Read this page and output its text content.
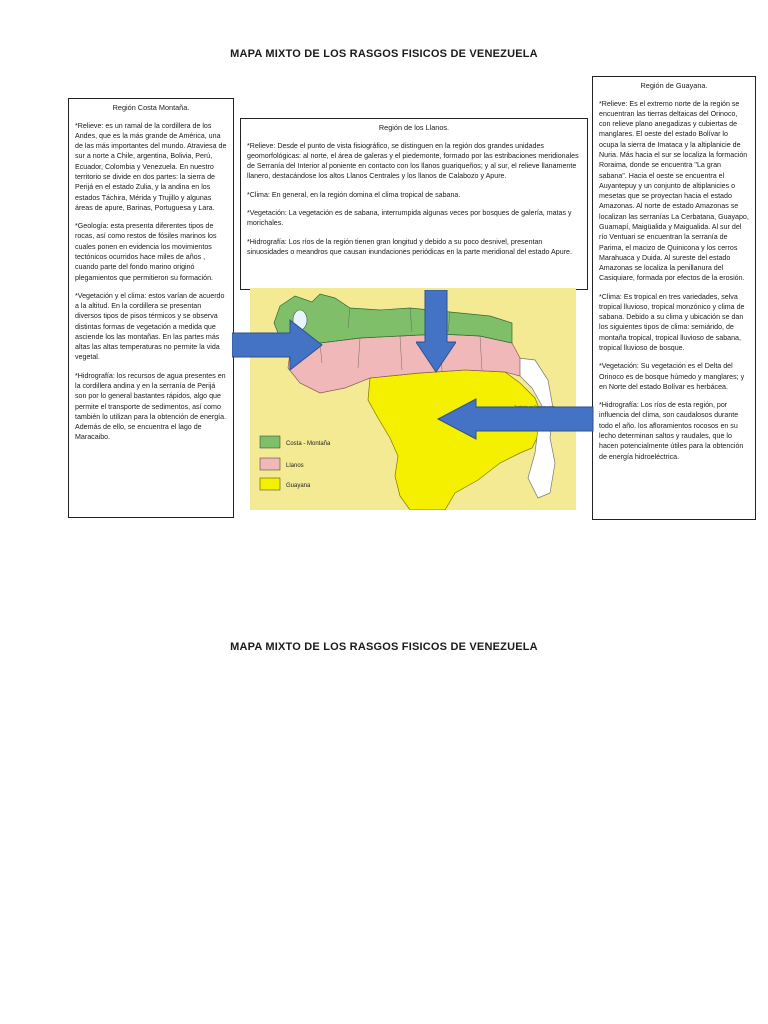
MAPA MIXTO DE LOS RASGOS FISICOS DE VENEZUELA
Región Costa Montaña.

*Relieve: es un ramal de la cordillera de los Andes, que es la más grande de América, una de las más importantes del mundo. Atraviesa de sur a norte a Chile, argentina, Bolivia, Perú, Ecuador, Colombia y Venezuela. En nuestro territorio se divide en dos partes: la sierra de Perijá en el estado Zulia, y la andina en los estados Táchira, Mérida y Trujillo y algunas áreas de apure, Barinas, Portuguesa y Lara.

*Geología: esta presenta diferentes tipos de rocas, así como restos de fósiles marinos los cuales ponen en evidencia los movimientos tectónicos ocurridos hace miles de años , cuando parte del fondo marino originó plegamientos que permitieron su formación.

*Vegetación y el clima: estos varían de acuerdo a la altitud. En la cordillera se presentan diversos tipos de pisos térmicos y se observa distintas formas de vegetación a medida que asciende los las montañas. En las partes más altas las altas temperaturas no permite la vida vegetal.

*Hidrografía: los recursos de agua presentes en la cordillera andina y en la serranía de Perijá son por lo general bastantes rápidos, algo que permite el transporte de sedimentos, así como también lo utilizan para la obtención de energía. Además de ello, se encuentra el lago de Maracaibo.

Región de los Llanos.

*Relieve: Desde el punto de vista fisiográfico, se distinguen en la región dos grandes unidades geomorfológicas: al norte, el área de galeras y el piedemonte, formado por las estribaciones meridionales de Serranía del Interior al poniente en contacto con los llanos guariqueños; y al sur, el relieve llanamente llanero, destacándose los altos Llanos Centrales y los llanos de Calabozo y Apure.

*Clima: En general, en la región domina el clima tropical de sabana.

*Vegetación: La vegetación es de sabana, interrumpida algunas veces por bosques de galería, matas y morichales.

*Hidrografía: Los ríos de la región tienen gran longitud y debido a su poco desnivel, presentan sinuosidades o meandros que causan inundaciones periódicas en la parte meridional del estado Apure.

Región de Guayana.

*Relieve: Es el extremo norte de la región se encuentran las tierras deltaicas del Orinoco, con relieve plano anegadizas y cubiertas de manglares. El oeste del estado Bolívar lo ocupa la sierra de Imataca y la altiplanicie de Nuria. Más hacia el sur se localiza la formación Roraima, donde se encuentra "La gran sabana". Hacia el oeste se encuentra el Auyantepuy y un conjunto de altiplanicies o mesetas que se proyectan hacia el estado Amazonas. Al norte de estado Amazonas se localizan las serranías La Cerbatana, Guayapo, Guamapí, Maigüalida y Maigualida. Al sur del río Ventuari se encuentran la serranía de Parima, el macizo de Quinicona y los cerros Marahuaca y Duida. Al sureste del estado Amazonas se localiza la penillanura del Casiquiare, formada por efectos de la erosión.

*Clima: Es tropical en tres variedades, selva tropical lluvioso, tropical monzónico y clima de sabana. Debido a su clima y ubicación se dan los siguientes tipos de clima: semiárido, de montaña tropical, tropical lluvioso de sabana, tropical lluvioso de bosque.

*Vegetación: Su vegetación es el Delta del Orinoco es de bosque húmedo y manglares; y en Norte del estado Bolívar es herbácea.

*Hidrografía: Los ríos de esta región, por influencia del clima, son caudalosos durante todo el año. los afloramientos rocosos en su lecho determinan saltos y raudales, que lo hacen potencialmente útiles para la obtención de energía hidroeléctrica.

Costa - Montaña
Llanos
Guayana
MAPA MIXTO DE LOS RASGOS FISICOS DE VENEZUELA
